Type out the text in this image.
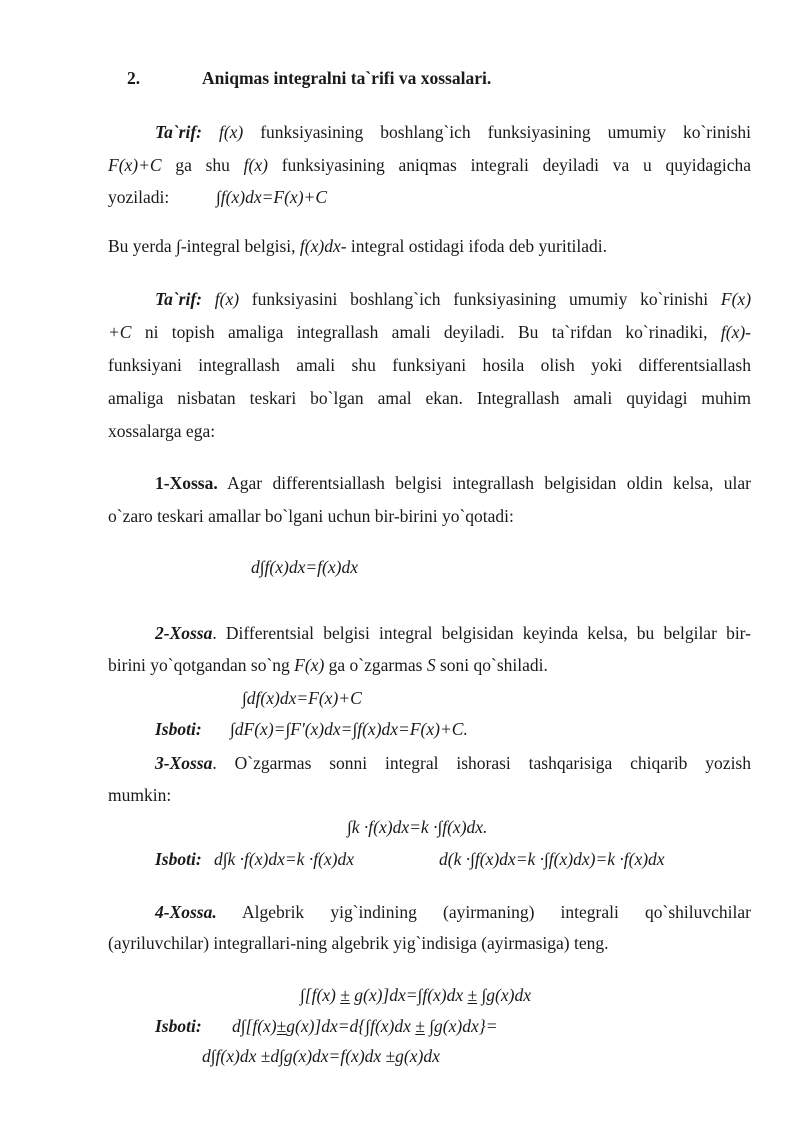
2.	Aniqmas integralni ta`rifi va xossalari.
Ta`rif: f(x) funksiyasining boshlang`ich funksiyasining umumiy ko`rinishi
F(x)+C ga shu f(x) funksiyasining aniqmas integrali deyiladi va u quyidagicha
yoziladi:	∫f(x)dx=F(x)+C
Bu yerda ∫-integral belgisi, f(x)dx- integral ostidagi ifoda deb yuritiladi.
Ta`rif: f(x) funksiyasini boshlang`ich funksiyasining umumiy ko`rinishi F(x)
+C ni topish amaliga integrallash amali deyiladi. Bu ta`rifdan ko`rinadiki, f(x)-
funksiyani integrallash amali shu funksiyani hosila olish yoki differentsiallash
amaliga nisbatan teskari bo`lgan amal ekan. Integrallash amali quyidagi muhim
xossalarga ega:
1-Xossa. Agar differentsiallash belgisi integrallash belgisidan oldin kelsa, ular
o`zaro teskari amallar bo`lgani uchun bir-birini yo`qotadi:
d∫f(x)dx=f(x)dx
2-Xossa. Differentsial belgisi integral belgisidan keyinda kelsa, bu belgilar bir-
birini yo`qotgandan so`ng F(x) ga o`zgarmas S soni qo`shiladi.
∫df(x)dx=F(x)+C
Isboti: ∫dF(x)=∫F'(x)dx=∫f(x)dx=F(x)+C.
3-Xossa. O`zgarmas sonni integral ishorasi tashqarisiga chiqarib yozish
mumkin:
∫k ·f(x)dx=k ·∫f(x)dx.
Isboti: d∫k ·f(x)dx=k ·f(x)dx	d(k ·∫f(x)dx=k ·∫f(x)dx)=k ·f(x)dx
4-Xossa. Algebrik yig`indining (ayirmaning) integrali qo`shiluvchilar
(ayriluvchilar) integrallari-ning algebrik yig`indisiga (ayirmasiga) teng.
∫[f(x) ± g(x)]dx=∫f(x)dx ± ∫g(x)dx
Isboti: d∫[f(x)±g(x)]dx=d{∫f(x)dx ± ∫g(x)dx}=
d∫f(x)dx ±d∫g(x)dx=f(x)dx ±g(x)dx
